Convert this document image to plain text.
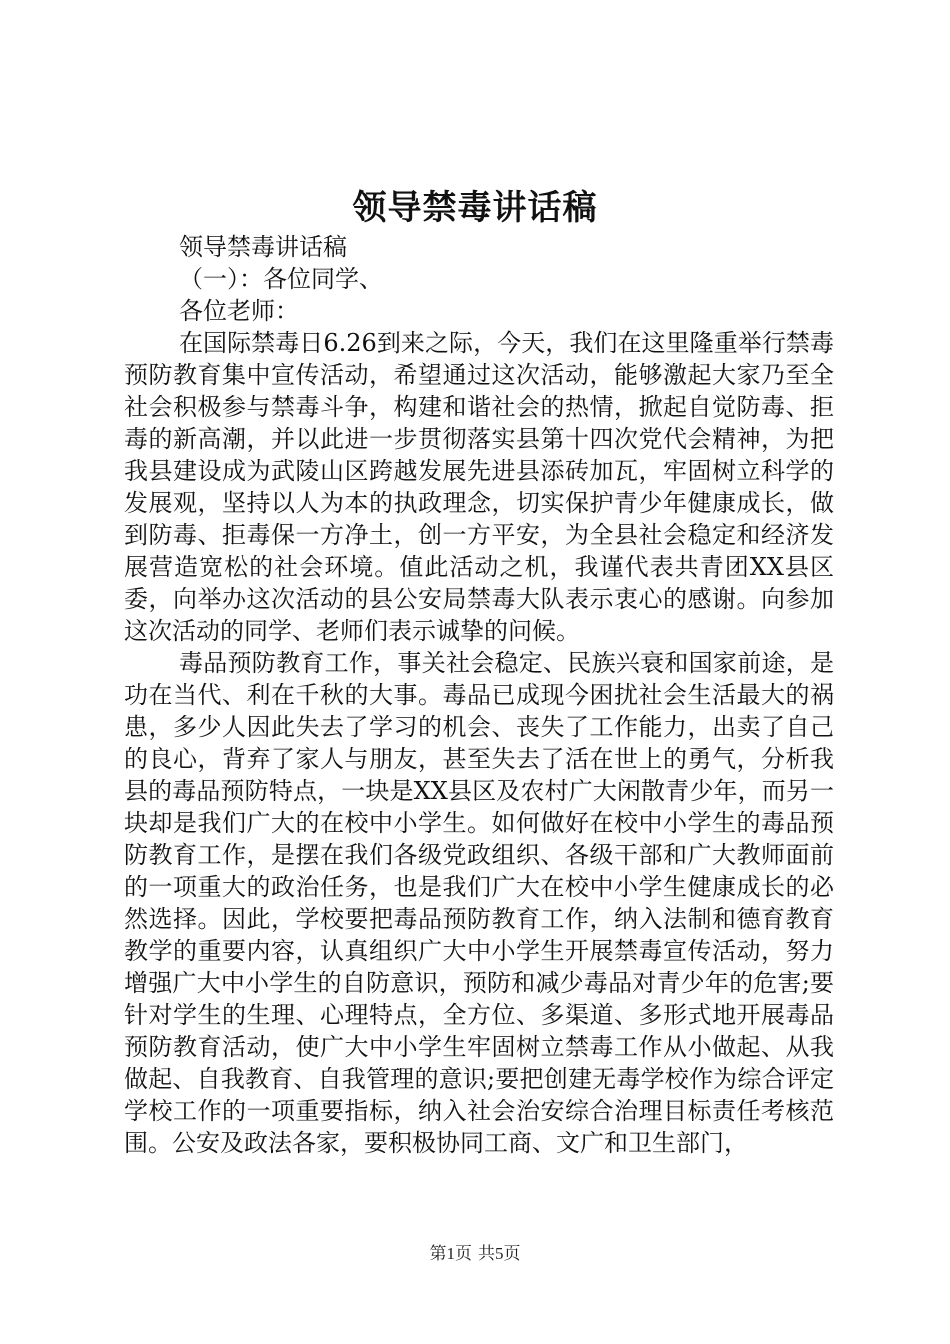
领导禁毒讲话稿

领导禁毒讲话稿

（一）：各位同学、

各位老师：

在国际禁毒日6.26到来之际，今天，我们在这里隆重举行禁毒预防教育集中宣传活动，希望通过这次活动，能够激起大家乃至全社会积极参与禁毒斗争，构建和谐社会的热情，掀起自觉防毒、拒毒的新高潮，并以此进一步贯彻落实县第十四次党代会精神，为把我县建设成为武陵山区跨越发展先进县添砖加瓦，牢固树立科学的发展观，坚持以人为本的执政理念，切实保护青少年健康成长，做到防毒、拒毒保一方净土，创一方平安，为全县社会稳定和经济发展营造宽松的社会环境。值此活动之机，我谨代表共青团XX县区委，向举办这次活动的县公安局禁毒大队表示衷心的感谢。向参加这次活动的同学、老师们表示诚挚的问候。

毒品预防教育工作，事关社会稳定、民族兴衰和国家前途，是功在当代、利在千秋的大事。毒品已成现今困扰社会生活最大的祸患，多少人因此失去了学习的机会、丧失了工作能力，出卖了自己的良心，背弃了家人与朋友，甚至失去了活在世上的勇气，分析我县的毒品预防特点，一块是XX县区及农村广大闲散青少年，而另一块却是我们广大的在校中小学生。如何做好在校中小学生的毒品预防教育工作，是摆在我们各级党政组织、各级干部和广大教师面前的一项重大的政治任务，也是我们广大在校中小学生健康成长的必然选择。因此，学校要把毒品预防教育工作，纳入法制和德育教育教学的重要内容，认真组织广大中小学生开展禁毒宣传活动，努力增强广大中小学生的自防意识，预防和减少毒品对青少年的危害;要针对学生的生理、心理特点，全方位、多渠道、多形式地开展毒品预防教育活动，使广大中小学生牢固树立禁毒工作从小做起、从我做起、自我教育、自我管理的意识;要把创建无毒学校作为综合评定学校工作的一项重要指标，纳入社会治安综合治理目标责任考核范围。公安及政法各家，要积极协同工商、文广和卫生部门，

第1页 共5页
